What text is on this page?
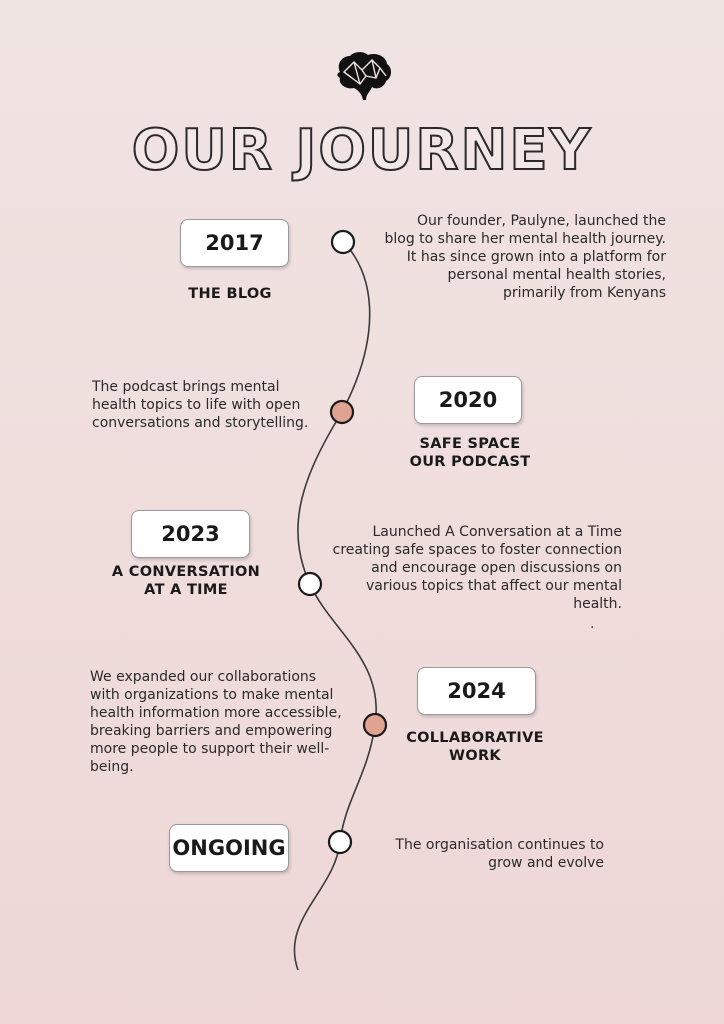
OUR JOURNEY
2017
THE BLOG
Our founder, Paulyne, launched the blog to share her mental health journey. It has since grown into a platform for personal mental health stories, primarily from Kenyans
The podcast brings mental health topics to life with open conversations and storytelling.
2020
SAFE SPACE
OUR PODCAST
2023
A CONVERSATION
AT A TIME
Launched A Conversation at a Time creating safe spaces to foster connection and encourage open discussions on various topics that affect our mental health.
.
We expanded our collaborations with organizations to make mental health information more accessible, breaking barriers and empowering more people to support their well-being.
2024
COLLABORATIVE
WORK
ONGOING	The organisation continues to grow and evolve
